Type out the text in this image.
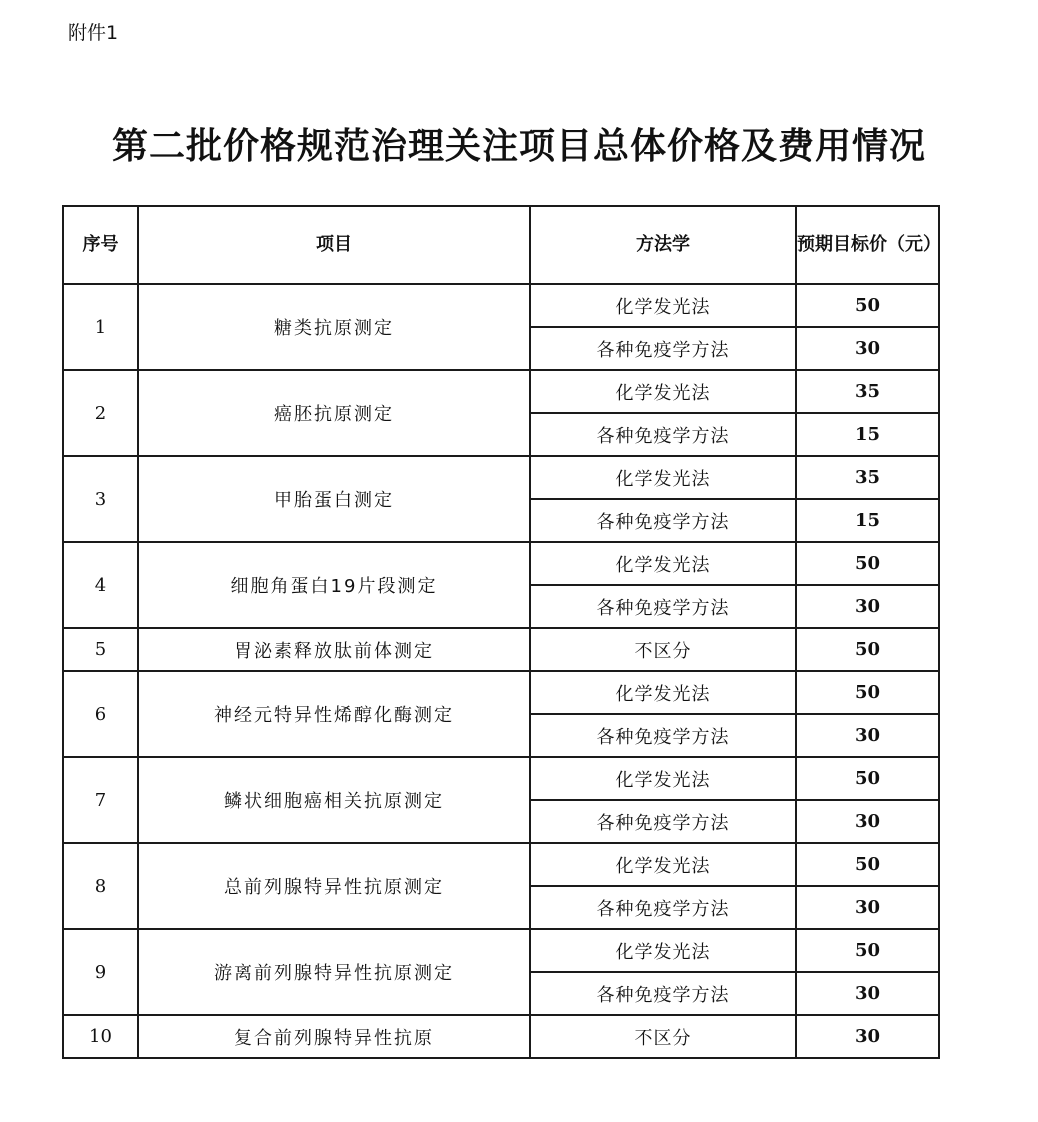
附件1
第二批价格规范治理关注项目总体价格及费用情况
序号	项目	方法学	预期目标价（元）
1	糖类抗原测定	化学发光法	50
		各种免疫学方法	30
2	癌胚抗原测定	化学发光法	35
		各种免疫学方法	15
3	甲胎蛋白测定	化学发光法	35
		各种免疫学方法	15
4	细胞角蛋白19片段测定	化学发光法	50
		各种免疫学方法	30
5	胃泌素释放肽前体测定	不区分	50
6	神经元特异性烯醇化酶测定	化学发光法	50
		各种免疫学方法	30
7	鳞状细胞癌相关抗原测定	化学发光法	50
		各种免疫学方法	30
8	总前列腺特异性抗原测定	化学发光法	50
		各种免疫学方法	30
9	游离前列腺特异性抗原测定	化学发光法	50
		各种免疫学方法	30
10	复合前列腺特异性抗原	不区分	30
